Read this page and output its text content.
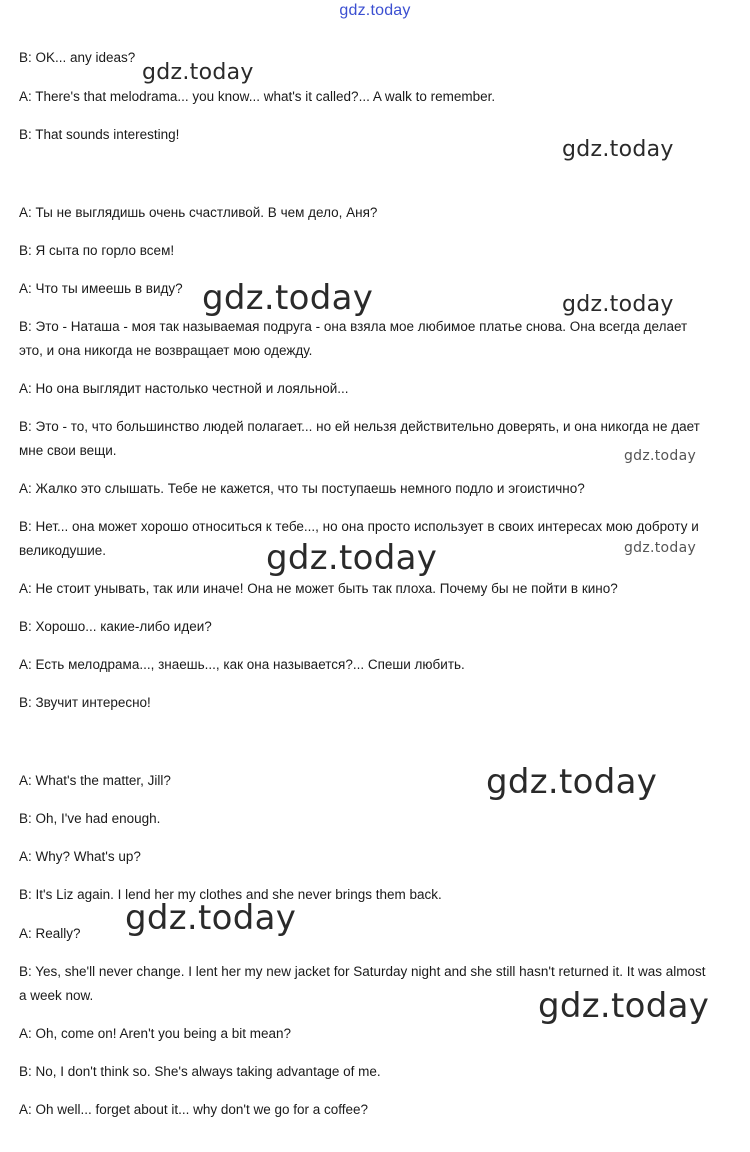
gdz.today
B: OK... any ideas?
A: There's that melodrama... you know... what's it called?... A walk to remember.
B: That sounds interesting!
A: Ты не выглядишь очень счастливой. В чем дело, Аня?
B: Я сыта по горло всем!
A: Что ты имеешь в виду?
B: Это - Наташа - моя так называемая подруга - она взяла мое любимое платье снова. Она всегда делает это, и она никогда не возвращает мою одежду.
A: Но она выглядит настолько честной и лояльной...
B: Это - то, что большинство людей полагает... но ей нельзя действительно доверять, и она никогда не дает мне свои вещи.
A: Жалко это слышать. Тебе не кажется, что ты поступаешь немного подло и эгоистично?
B: Нет... она может хорошо относиться к тебе..., но она просто использует в своих интересах мою доброту и великодушие.
A: Не стоит унывать, так или иначе! Она не может быть так плоха. Почему бы не пойти в кино?
B: Хорошо... какие-либо идеи?
A: Есть мелодрама..., знаешь..., как она называется?... Спеши любить.
B: Звучит интересно!
A: What's the matter, Jill?
B: Oh, I've had enough.
A: Why? What's up?
B: It's Liz again. I lend her my clothes and she never brings them back.
A: Really?
B: Yes, she'll never change. I lent her my new jacket for Saturday night and she still hasn't returned it. It was almost a week now.
A: Oh, come on! Aren't you being a bit mean?
B: No, I don't think so. She's always taking advantage of me.
A: Oh well... forget about it... why don't we go for a coffee?
gdz.today
gdz.today
gdz.today	gdz.today
gdz.today
gdz.today
gdz.today
gdz.today
gdz.today
gdz.today
